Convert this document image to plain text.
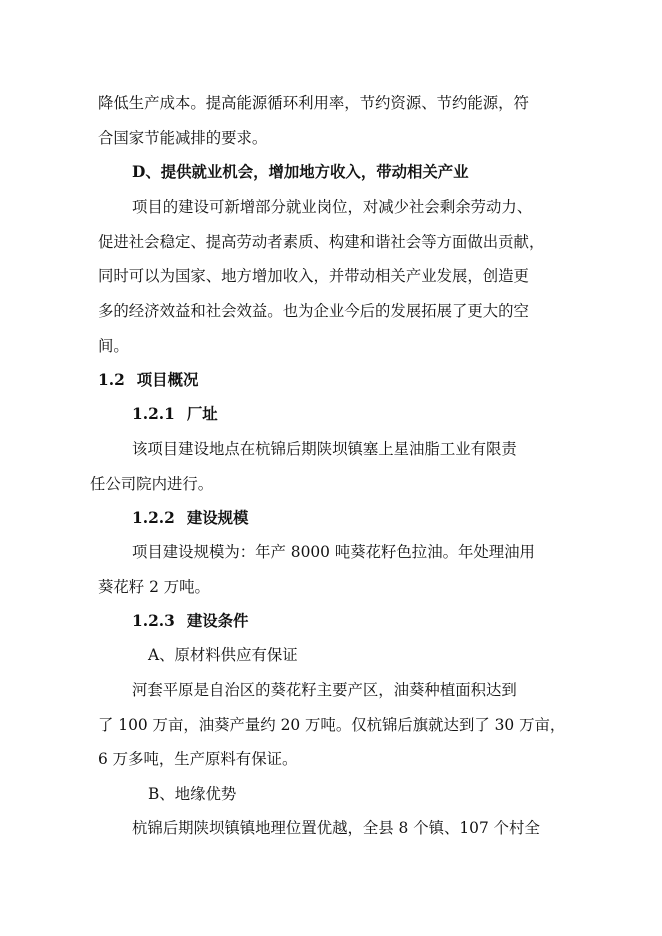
降低生产成本。提高能源循环利用率，节约资源、节约能源，符
合国家节能减排的要求。
D、提供就业机会，增加地方收入，带动相关产业
项目的建设可新增部分就业岗位，对减少社会剩余劳动力、
促进社会稳定、提高劳动者素质、构建和谐社会等方面做出贡献，
同时可以为国家、地方增加收入，并带动相关产业发展，创造更
多的经济效益和社会效益。也为企业今后的发展拓展了更大的空
间。
1.2 项目概况
1.2.1 厂址
该项目建设地点在杭锦后期陕坝镇塞上星油脂工业有限责
任公司院内进行。
1.2.2 建设规模
项目建设规模为：年产 8000 吨葵花籽色拉油。年处理油用
葵花籽 2 万吨。
1.2.3 建设条件
A、原材料供应有保证
河套平原是自治区的葵花籽主要产区，油葵种植面积达到
了 100 万亩，油葵产量约 20 万吨。仅杭锦后旗就达到了 30 万亩，
6 万多吨，生产原料有保证。
B、地缘优势
杭锦后期陕坝镇镇地理位置优越，全县 8 个镇、107 个村全
